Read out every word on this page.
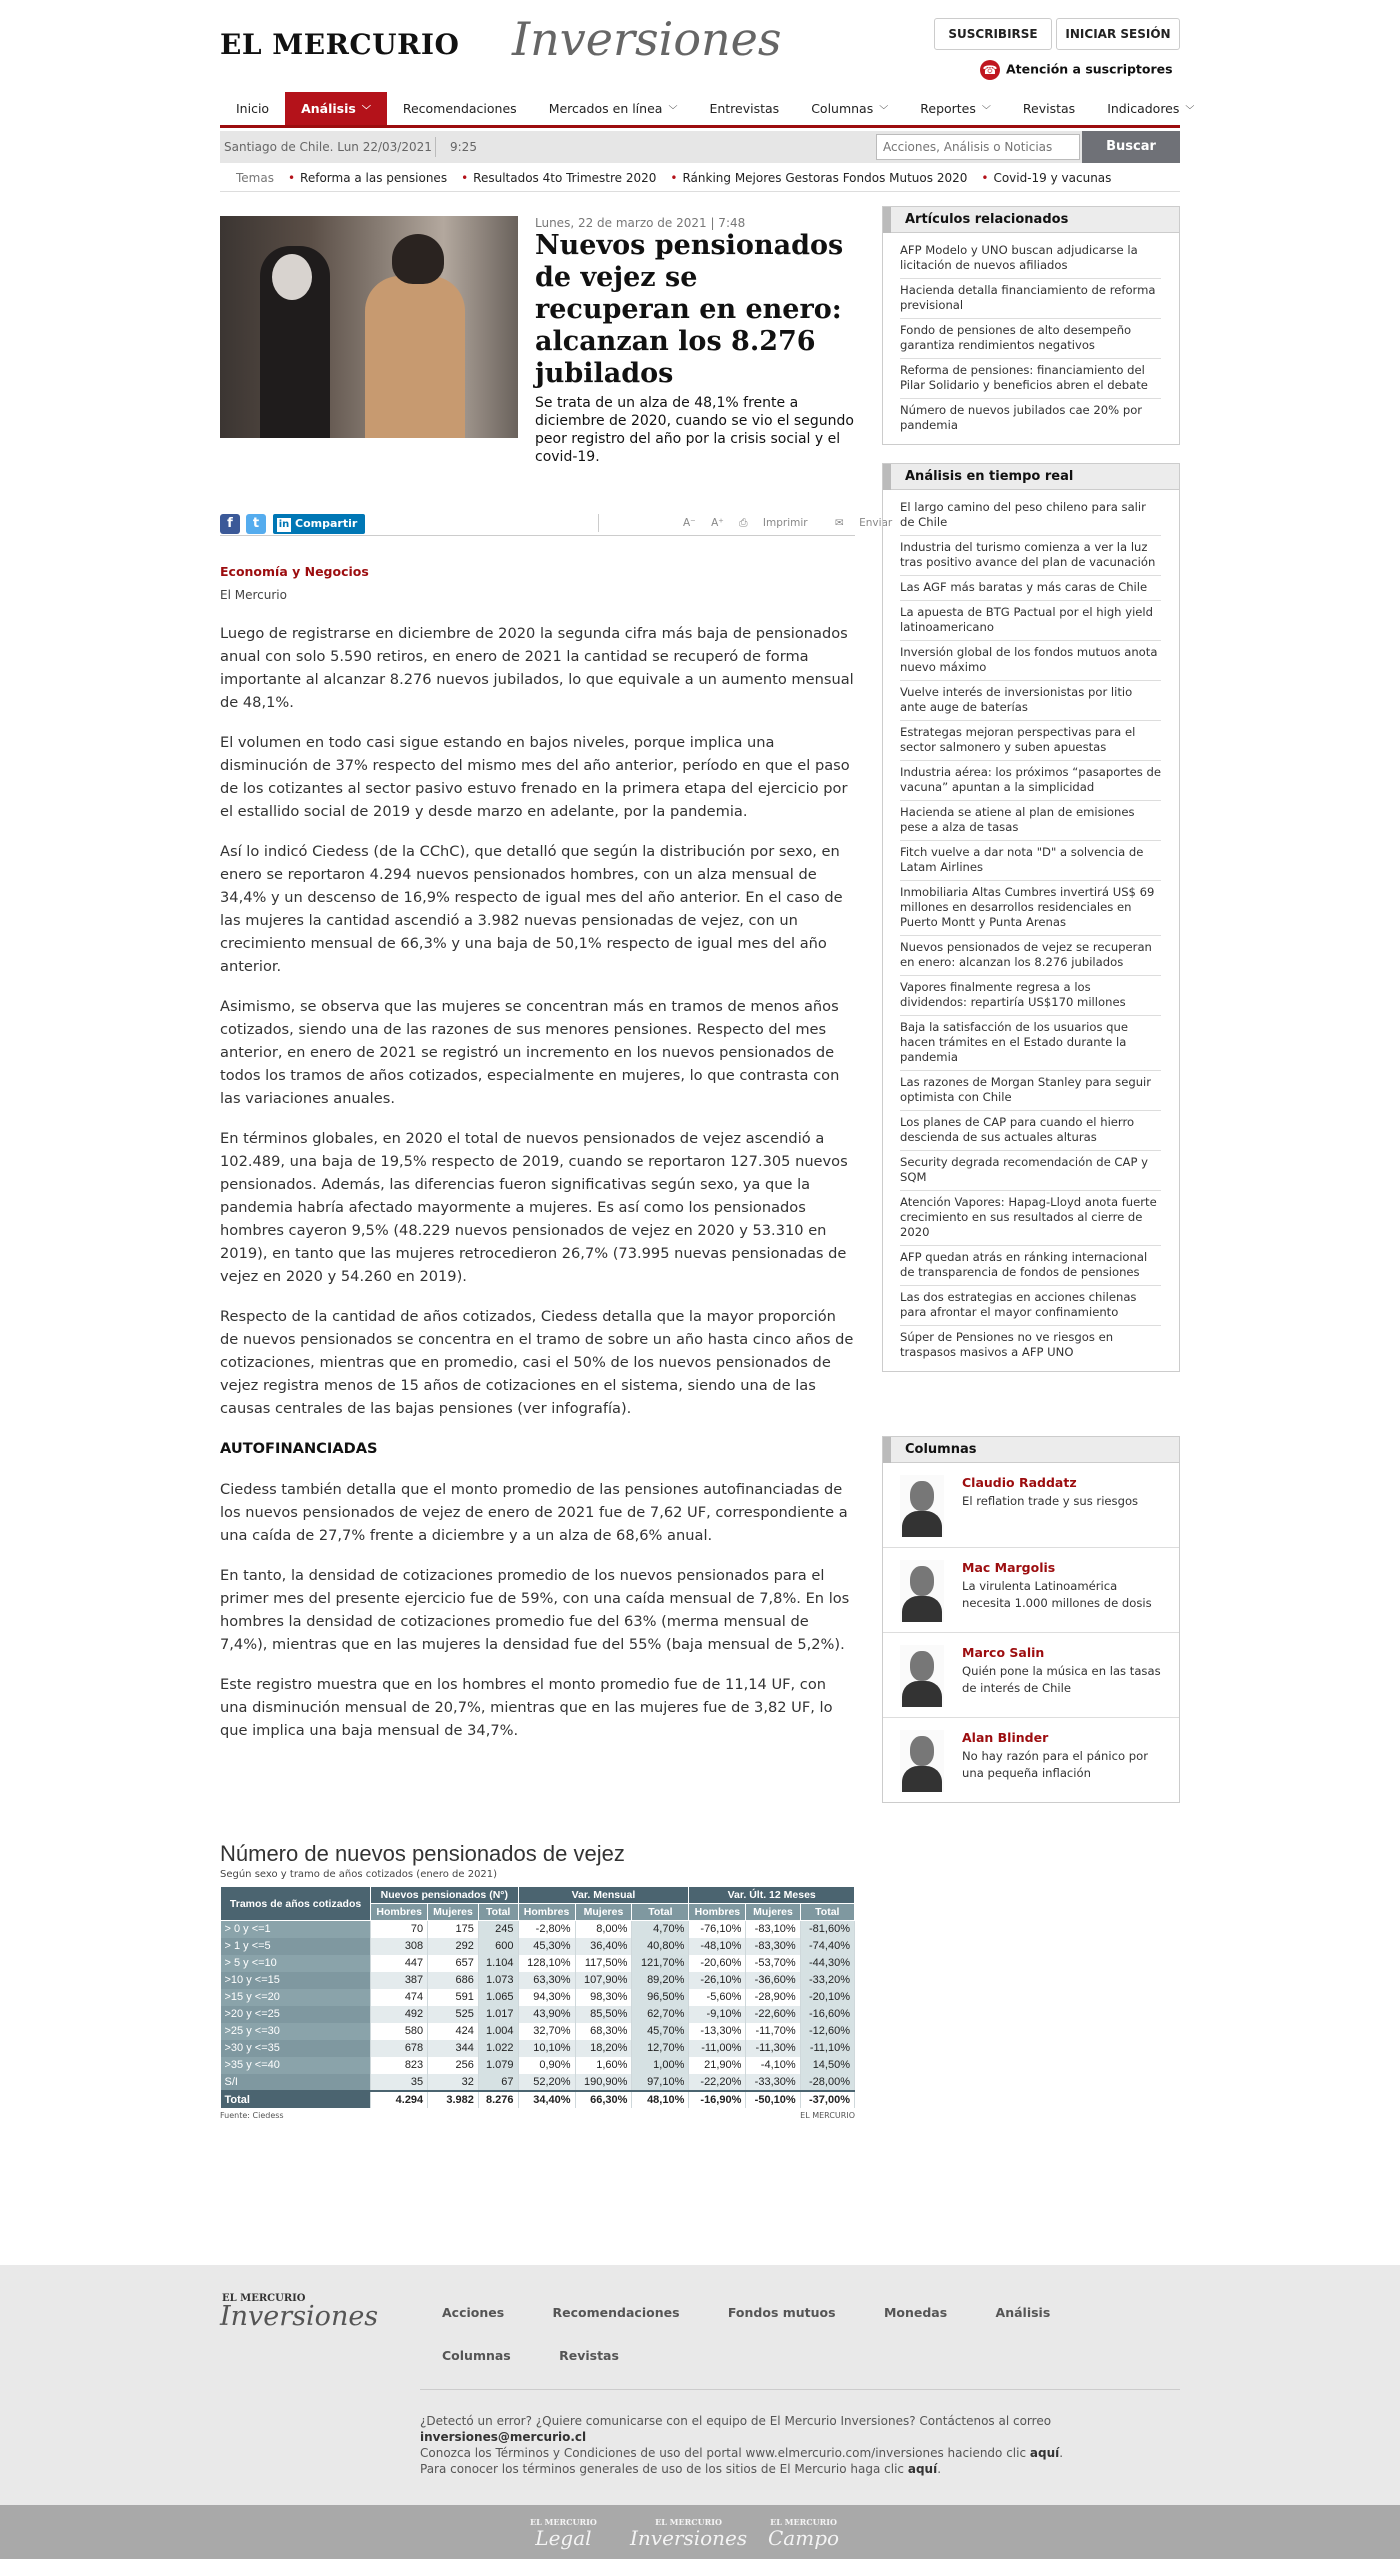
EL MERCURIO Inversiones	SUSCRIBIRSE	INICIAR SESIÓN
☎ Atención a suscriptores
Inicio	Análisis ﹀	Recomendaciones	Mercados en línea ﹀	Entrevistas	Columnas ﹀	Reportes ﹀	Revistas	Indicadores ﹀
Santiago de Chile. Lun 22/03/2021 9:25
Acciones, Análisis o Noticias	Buscar
Temas	• Reforma a las pensiones	• Resultados 4to Trimestre 2020	• Ránking Mejores Gestoras Fondos Mutuos 2020	• Covid-19 y vacunas
Lunes, 22 de marzo de 2021 | 7:48
Nuevos pensionados de vejez se recuperan en enero: alcanzan los 8.276 jubilados
Se trata de un alza de 48,1% frente a diciembre de 2020, cuando se vio el segundo peor registro del año por la crisis social y el covid-19.
f	t	in Compartir	A⁻ A⁺ ⎙ Imprimir	✉ Enviar
Economía y Negocios
El Mercurio

Luego de registrarse en diciembre de 2020 la segunda cifra más baja de pensionados anual con solo 5.590 retiros, en enero de 2021 la cantidad se recuperó de forma importante al alcanzar 8.276 nuevos jubilados, lo que equivale a un aumento mensual de 48,1%.

El volumen en todo casi sigue estando en bajos niveles, porque implica una disminución de 37% respecto del mismo mes del año anterior, período en que el paso de los cotizantes al sector pasivo estuvo frenado en la primera etapa del ejercicio por el estallido social de 2019 y desde marzo en adelante, por la pandemia.

Así lo indicó Ciedess (de la CChC), que detalló que según la distribución por sexo, en enero se reportaron 4.294 nuevos pensionados hombres, con un alza mensual de 34,4% y un descenso de 16,9% respecto de igual mes del año anterior. En el caso de las mujeres la cantidad ascendió a 3.982 nuevas pensionadas de vejez, con un crecimiento mensual de 66,3% y una baja de 50,1% respecto de igual mes del año anterior.

Asimismo, se observa que las mujeres se concentran más en tramos de menos años cotizados, siendo una de las razones de sus menores pensiones. Respecto del mes anterior, en enero de 2021 se registró un incremento en los nuevos pensionados de todos los tramos de años cotizados, especialmente en mujeres, lo que contrasta con las variaciones anuales.

En términos globales, en 2020 el total de nuevos pensionados de vejez ascendió a 102.489, una baja de 19,5% respecto de 2019, cuando se reportaron 127.305 nuevos pensionados. Además, las diferencias fueron significativas según sexo, ya que la pandemia habría afectado mayormente a mujeres. Es así como los pensionados hombres cayeron 9,5% (48.229 nuevos pensionados de vejez en 2020 y 53.310 en 2019), en tanto que las mujeres retrocedieron 26,7% (73.995 nuevas pensionadas de vejez en 2020 y 54.260 en 2019).

Respecto de la cantidad de años cotizados, Ciedess detalla que la mayor proporción de nuevos pensionados se concentra en el tramo de sobre un año hasta cinco años de cotizaciones, mientras que en promedio, casi el 50% de los nuevos pensionados de vejez registra menos de 15 años de cotizaciones en el sistema, siendo una de las causas centrales de las bajas pensiones (ver infografía).

AUTOFINANCIADAS

Ciedess también detalla que el monto promedio de las pensiones autofinanciadas de los nuevos pensionados de vejez de enero de 2021 fue de 7,62 UF, correspondiente a una caída de 27,7% frente a diciembre y a un alza de 68,6% anual.

En tanto, la densidad de cotizaciones promedio de los nuevos pensionados para el primer mes del presente ejercicio fue de 59%, con una caída mensual de 7,8%. En los hombres la densidad de cotizaciones promedio fue del 63% (merma mensual de 7,4%), mientras que en las mujeres la densidad fue del 55% (baja mensual de 5,2%).

Este registro muestra que en los hombres el monto promedio fue de 11,14 UF, con una disminución mensual de 20,7%, mientras que en las mujeres fue de 3,82 UF, lo que implica una baja mensual de 34,7%.

Número de nuevos pensionados de vejez
Según sexo y tramo de años cotizados (enero de 2021)
Tramos de años cotizados	Nuevos pensionados (N°)			Var. Mensual			Var. Últ. 12 Meses		
	Hombres	Mujeres	Total	Hombres	Mujeres	Total	Hombres	Mujeres	Total
> 0 y <=1	70	175	245	-2,80%	8,00%	4,70%	-76,10%	-83,10%	-81,60%
> 1 y <=5	308	292	600	45,30%	36,40%	40,80%	-48,10%	-83,30%	-74,40%
> 5 y <=10	447	657	1.104	128,10%	117,50%	121,70%	-20,60%	-53,70%	-44,30%
>10 y <=15	387	686	1.073	63,30%	107,90%	89,20%	-26,10%	-36,60%	-33,20%
>15 y <=20	474	591	1.065	94,30%	98,30%	96,50%	-5,60%	-28,90%	-20,10%
>20 y <=25	492	525	1.017	43,90%	85,50%	62,70%	-9,10%	-22,60%	-16,60%
>25 y <=30	580	424	1.004	32,70%	68,30%	45,70%	-13,30%	-11,70%	-12,60%
>30 y <=35	678	344	1.022	10,10%	18,20%	12,70%	-11,00%	-11,30%	-11,10%
>35 y <=40	823	256	1.079	0,90%	1,60%	1,00%	21,90%	-4,10%	14,50%
S/I	35	32	67	52,20%	190,90%	97,10%	-22,20%	-33,30%	-28,00%
Total	4.294	3.982	8.276	34,40%	66,30%	48,10%	-16,90%	-50,10%	-37,00%
Fuente: Ciedess	EL MERCURIO
Artículos relacionados
AFP Modelo y UNO buscan adjudicarse la licitación de nuevos afiliados
Hacienda detalla financiamiento de reforma previsional
Fondo de pensiones de alto desempeño garantiza rendimientos negativos
Reforma de pensiones: financiamiento del Pilar Solidario y beneficios abren el debate
Número de nuevos jubilados cae 20% por pandemia
Análisis en tiempo real
El largo camino del peso chileno para salir de Chile
Industria del turismo comienza a ver la luz tras positivo avance del plan de vacunación
Las AGF más baratas y más caras de Chile
La apuesta de BTG Pactual por el high yield latinoamericano
Inversión global de los fondos mutuos anota nuevo máximo
Vuelve interés de inversionistas por litio ante auge de baterías
Estrategas mejoran perspectivas para el sector salmonero y suben apuestas
Industria aérea: los próximos “pasaportes de vacuna” apuntan a la simplicidad
Hacienda se atiene al plan de emisiones pese a alza de tasas
Fitch vuelve a dar nota "D" a solvencia de Latam Airlines
Inmobiliaria Altas Cumbres invertirá US$ 69 millones en desarrollos residenciales en Puerto Montt y Punta Arenas
Nuevos pensionados de vejez se recuperan en enero: alcanzan los 8.276 jubilados
Vapores finalmente regresa a los dividendos: repartiría US$170 millones
Baja la satisfacción de los usuarios que hacen trámites en el Estado durante la pandemia
Las razones de Morgan Stanley para seguir optimista con Chile
Los planes de CAP para cuando el hierro descienda de sus actuales alturas
Security degrada recomendación de CAP y SQM
Atención Vapores: Hapag-Lloyd anota fuerte crecimiento en sus resultados al cierre de 2020
AFP quedan atrás en ránking internacional de transparencia de fondos de pensiones
Las dos estrategias en acciones chilenas para afrontar el mayor confinamiento
Súper de Pensiones no ve riesgos en traspasos masivos a AFP UNO
Columnas
Claudio Raddatz
El reflation trade y sus riesgos
Mac Margolis
La virulenta Latinoamérica necesita 1.000 millones de dosis
Marco Salin
Quién pone la música en las tasas de interés de Chile
Alan Blinder
No hay razón para el pánico por una pequeña inflación
EL MERCURIO
Inversiones	Acciones	Recomendaciones	Fondos mutuos	Monedas	Análisis Columnas	Revistas
¿Detectó un error? ¿Quiere comunicarse con el equipo de El Mercurio Inversiones? Contáctenos al correo
inversiones@mercurio.cl
Conozca los Términos y Condiciones de uso del portal www.elmercurio.com/inversiones haciendo clic aquí.
Para conocer los términos generales de uso de los sitios de El Mercurio haga clic aquí.
EL MERCURIO
Legal
EL MERCURIO
Inversiones
EL MERCURIO
Campo
